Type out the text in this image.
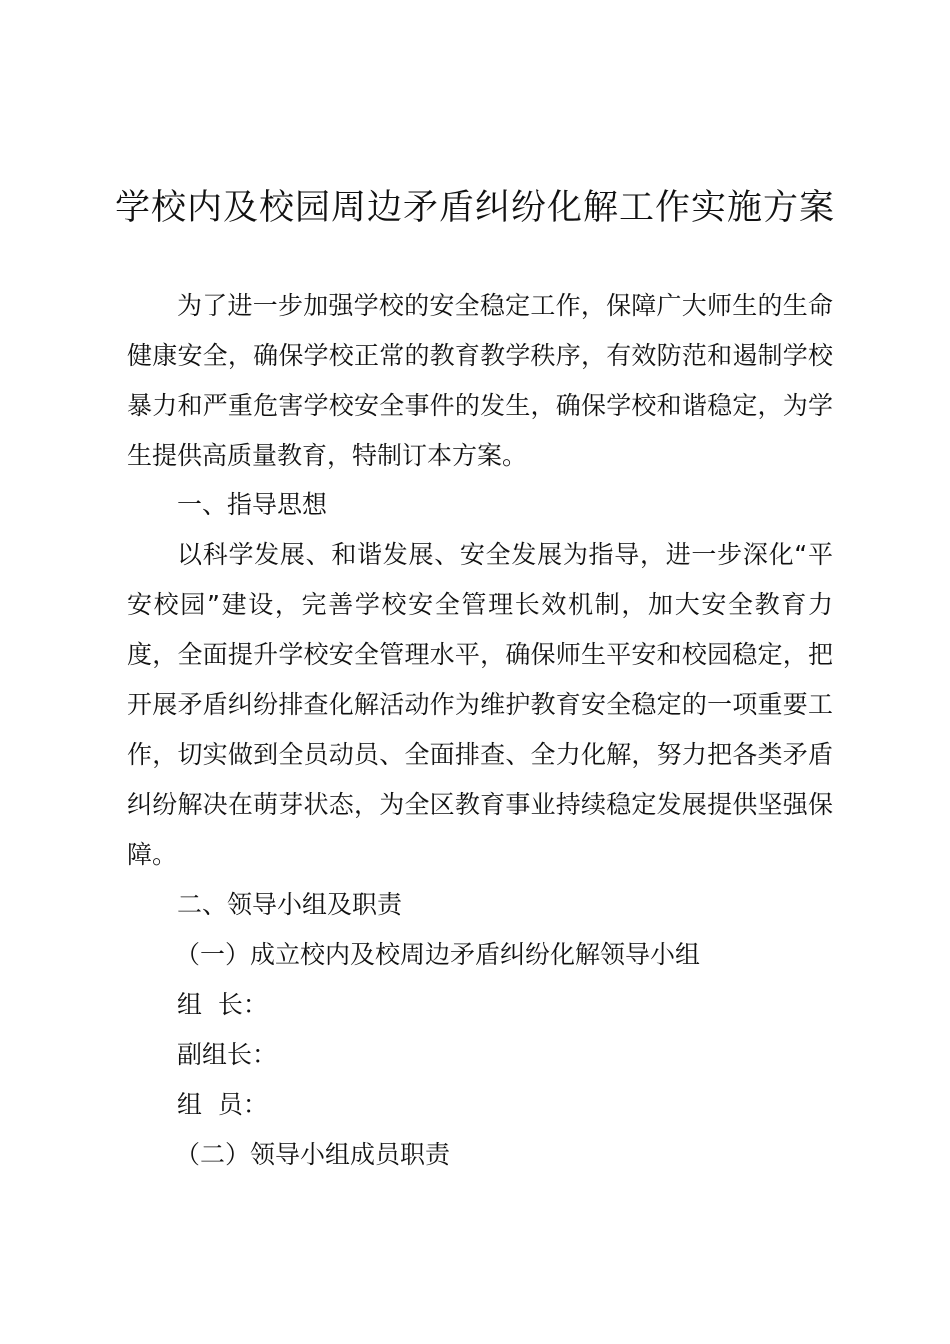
学校内及校园周边矛盾纠纷化解工作实施方案

为了进一步加强学校的安全稳定工作，保障广大师生的生命健康安全，确保学校正常的教育教学秩序，有效防范和遏制学校暴力和严重危害学校安全事件的发生，确保学校和谐稳定，为学生提供高质量教育，特制订本方案。

一、指导思想

以科学发展、和谐发展、安全发展为指导，进一步深化“平安校园”建设，完善学校安全管理长效机制，加大安全教育力度，全面提升学校安全管理水平，确保师生平安和校园稳定，把开展矛盾纠纷排查化解活动作为维护教育安全稳定的一项重要工作，切实做到全员动员、全面排查、全力化解，努力把各类矛盾纠纷解决在萌芽状态，为全区教育事业持续稳定发展提供坚强保障。

二、领导小组及职责

（一）成立校内及校周边矛盾纠纷化解领导小组

组  长：

副组长：

组  员：

（二）领导小组成员职责
